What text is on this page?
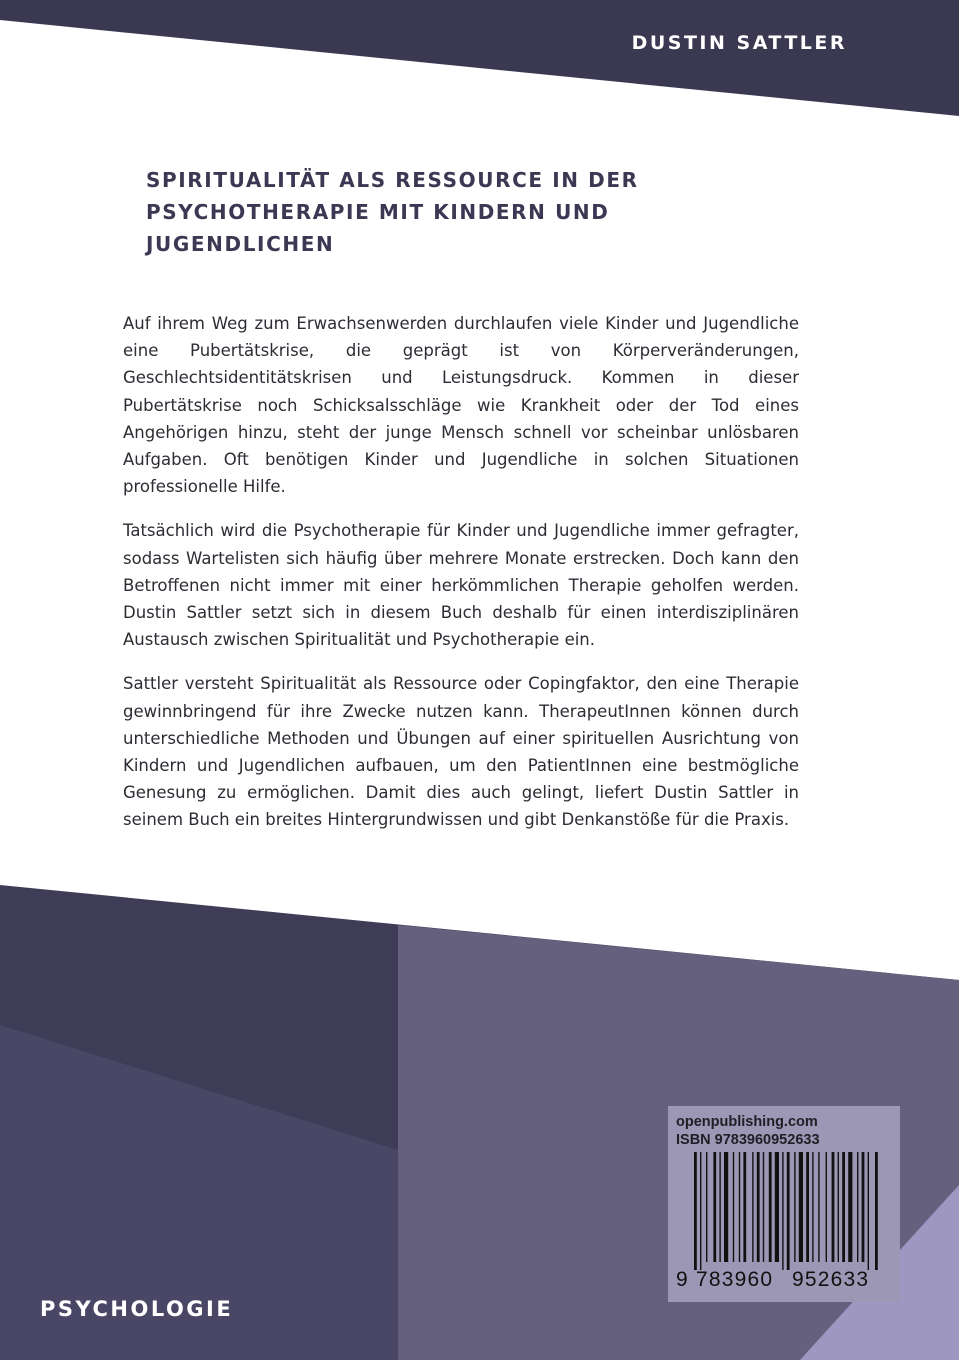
DUSTIN SATTLER
SPIRITUALITÄT ALS RESSOURCE IN DER PSYCHOTHERAPIE MIT KINDERN UND JUGENDLICHEN

Auf ihrem Weg zum Erwachsenwerden durchlaufen viele Kinder und Jugendliche eine Pubertätskrise, die geprägt ist von Körperveränderungen, Geschlechtsidentitätskrisen und Leistungsdruck. Kommen in dieser Pubertätskrise noch Schicksalsschläge wie Krankheit oder der Tod eines Angehörigen hinzu, steht der junge Mensch schnell vor scheinbar unlösbaren Aufgaben. Oft benötigen Kinder und Jugendliche in solchen Situationen professionelle Hilfe.

Tatsächlich wird die Psychotherapie für Kinder und Jugendliche immer gefragter, sodass Wartelisten sich häufig über mehrere Monate erstrecken. Doch kann den Betroffenen nicht immer mit einer herkömmlichen Therapie geholfen werden. Dustin Sattler setzt sich in diesem Buch deshalb für einen interdisziplinären Austausch zwischen Spiritualität und Psychotherapie ein.

Sattler versteht Spiritualität als Ressource oder Copingfaktor, den eine Therapie gewinnbringend für ihre Zwecke nutzen kann. TherapeutInnen können durch unterschiedliche Methoden und Übungen auf einer spirituellen Ausrichtung von Kindern und Jugendlichen aufbauen, um den PatientInnen eine bestmögliche Genesung zu ermöglichen. Damit dies auch gelingt, liefert Dustin Sattler in seinem Buch ein breites Hintergrundwissen und gibt Denkanstöße für die Praxis.

openpublishing.com
ISBN 9783960952633
9 783960 952633
PSYCHOLOGIE
